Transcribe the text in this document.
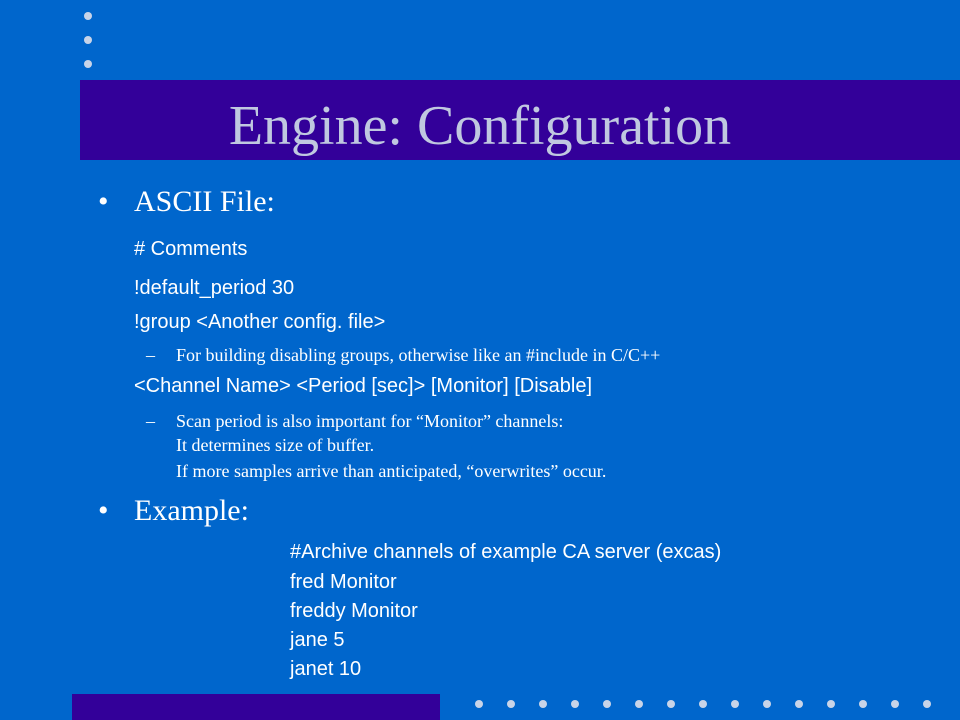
Engine: Configuration
• ASCII File:
# Comments
!default_period 30
!group <Another config. file>
– For building disabling groups, otherwise like an #include in C/C++
<Channel Name> <Period [sec]> [Monitor] [Disable]
– Scan period is also important for “Monitor” channels:
It determines size of buffer.
If more samples arrive than anticipated, “overwrites” occur.
• Example:
#Archive channels of example CA server (excas)
fred Monitor
freddy Monitor
jane 5
janet 10
